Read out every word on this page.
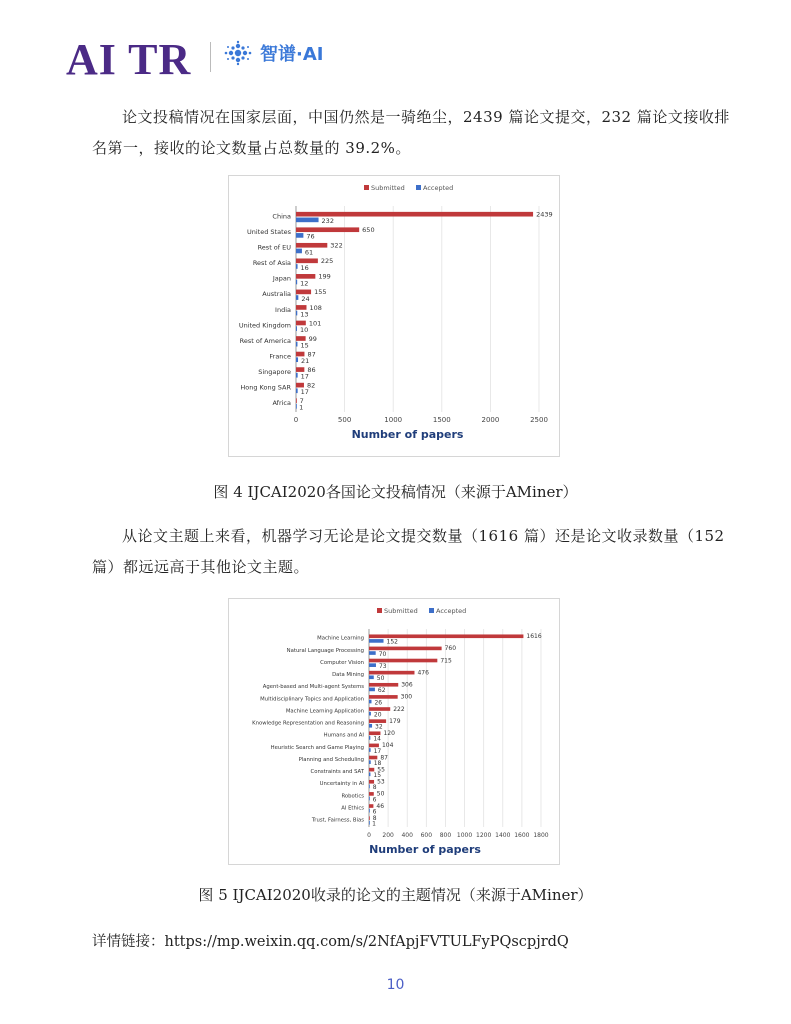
AI TR	智谱·AI
论文投稿情况在国家层面，中国仍然是一骑绝尘，2439 篇论文提交，232 篇论文接收排名第一，接收的论文数量占总数量的 39.2%。
Submitted	Accepted
0	500	1000	1500	2000	2500
China	2439
232
United States	650
76
Rest of EU	322
61
Rest of Asia	225
16
Japan	199
12
Australia	155
24
India	108
13
United Kingdom	101
10
Rest of America	99
15
France	87
21
Singapore	86
17
Hong Kong SAR 82
17
Africa 7
1
Number of papers
图 4 IJCAI2020各国论文投稿情况（来源于AMiner）
从论文主题上来看，机器学习无论是论文提交数量（1616 篇）还是论文收录数量（152 篇）都远远高于其他论文主题。
Submitted	Accepted
0 200 400 600 800 1000 1200 1400 1600 1800
Machine Learning	1616
152
Natural Language Processing	760
70
Computer Vision	715
73
Data Mining	476
50
Agent-based and Multi-agent Systems	306
62
Multidisciplinary Topics and Application	300
26
Machine Learning Application	222
20
Knowledge Representation and Reasoning	179
32
Humans and AI	120
14
Heuristic Search and Game Playing	104
17
Planning and Scheduling	87
18
Constraints and SAT 55
15
Uncertainty in AI 53
8
Robotics 50
6
AI Ethics 46
6
Trust, Fairness, Bias 8
1
Number of papers
图 5 IJCAI2020收录的论文的主题情况（来源于AMiner）
详情链接：https://mp.weixin.qq.com/s/2NfApjFVTULFyPQscpjrdQ
10
